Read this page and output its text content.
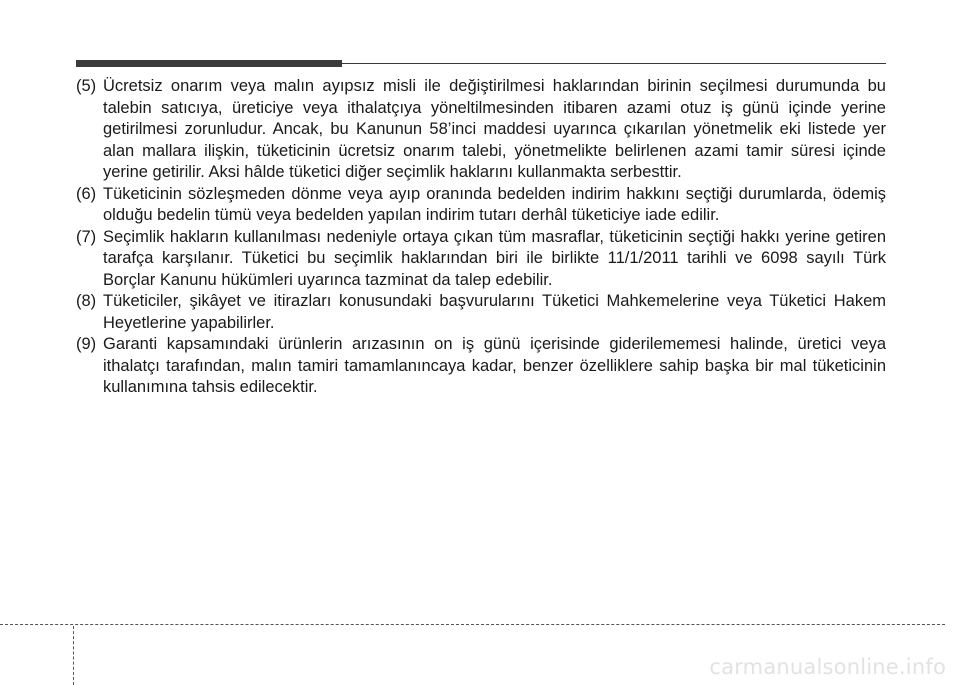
(5) Ücretsiz onarım veya malın ayıpsız misli ile değiştirilmesi haklarından birinin seçilmesi durumunda bu talebin satıcıya, üreticiye veya ithalatçıya yöneltilmesinden itibaren azami otuz iş günü içinde yerine getirilmesi zorunludur. Ancak, bu Kanunun 58’inci maddesi uyarınca çıkarılan yönetmelik eki listede yer alan mallara ilişkin, tüketicinin ücretsiz onarım talebi, yönetmelikte belirlenen azami tamir süresi içinde yerine getirilir. Aksi hâlde tüketici diğer seçimlik haklarını kullanmakta serbesttir.
(6) Tüketicinin sözleşmeden dönme veya ayıp oranında bedelden indirim hakkını seçtiği durumlarda, ödemiş olduğu bedelin tümü veya bedelden yapılan indirim tutarı derhâl tüketiciye iade edilir.
(7) Seçimlik hakların kullanılması nedeniyle ortaya çıkan tüm masraflar, tüketicinin seçtiği hakkı yerine getiren tarafça karşılanır. Tüketici bu seçimlik haklarından biri ile birlikte 11/1/2011 tarihli ve 6098 sayılı Türk Borçlar Kanunu hükümleri uyarınca tazminat da talep edebilir.
(8) Tüketiciler, şikâyet ve itirazları konusundaki başvurularını Tüketici Mahkemelerine veya Tüketici Hakem Heyetlerine yapabilirler.
(9) Garanti kapsamındaki ürünlerin arızasının on iş günü içerisinde giderilememesi halinde, üretici veya ithalatçı tarafından, malın tamiri tamamlanıncaya kadar, benzer özelliklere sahip başka bir mal tüketicinin kullanımına tahsis edilecektir.
carmanualsonline.info
